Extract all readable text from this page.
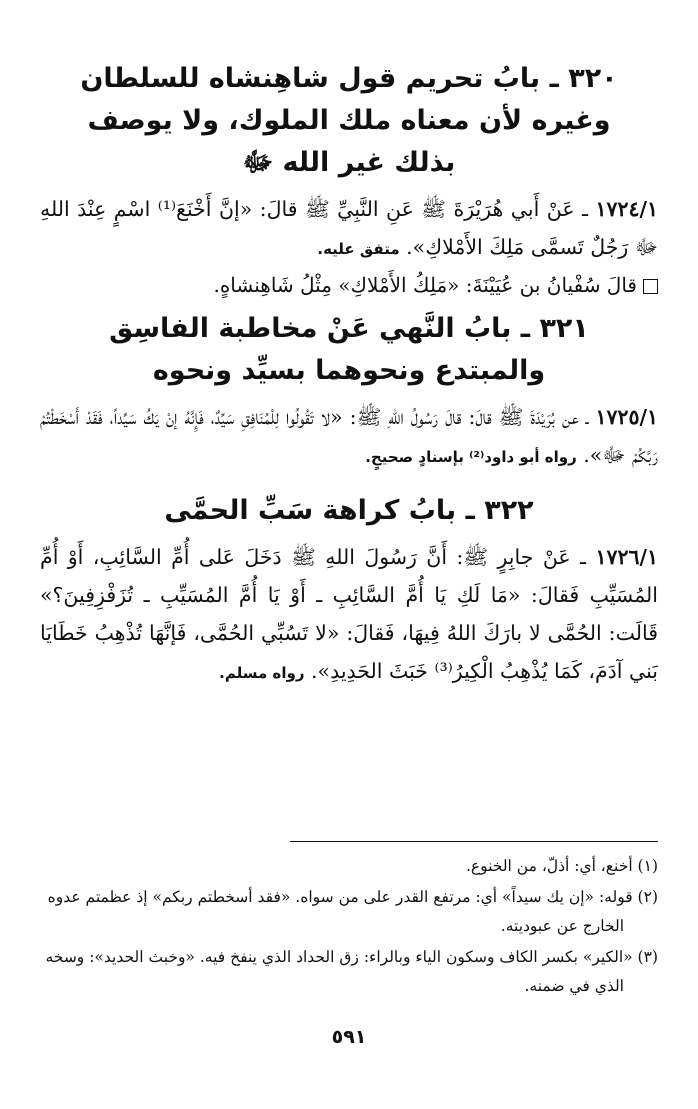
٣٢٠ ـ بابُ تحريم قول شاهِنشاه للسلطان
وغيره لأن معناه ملك الملوك، ولا يوصف
بذلك غير الله ﷻ

١٧٢٤/١ ـ عَنْ أَبي هُرَيْرَةَ ﷺ عَنِ النَّبِيِّ ﷺ قالَ: «إنَّ أَخْنَعَ⁽¹⁾ اسْمٍ عِنْدَ اللهِ ﷻ رَجُلٌ تَسمَّى مَلِكَ الأَمْلاكِ». متفق عليه.

قالَ سُفْيانُ بن عُيَيْنَةَ: «مَلِكُ الأَمْلاكِ» مِثْلُ شَاهِنشاهٍ.

٣٢١ ـ بابُ النَّهي عَنْ مخاطبة الفاسِق
والمبتدع ونحوهما بسيِّد ونحوه

١٧٢٥/١ ـ عن بُرَيْدَةَ ﷺ قالَ: قالَ رَسُولُ اللهِ ﷺ: «لا تَقُولُوا لِلْمُنَافِقِ سَيِّدٌ، فَإِنَّهُ إنْ يَكُ سَيِّداً، فَقَدْ أَسْخَطْتُمْ رَبَّكُمْ ﷻ». رواه أبو داود⁽²⁾ بإسنادٍ صحيحٍ.

٣٢٢ ـ بابُ كراهة سَبِّ الحمَّى

١٧٢٦/١ ـ عَنْ جابِرٍ ﷺ: أَنَّ رَسُولَ اللهِ ﷺ دَخَلَ عَلى أُمِّ السَّائِبِ، أَوْ أُمِّ المُسَيِّبِ فَقالَ: «مَا لَكِ يَا أُمَّ السَّائِبِ ـ أَوْ يَا أُمَّ المُسَيِّبِ ـ تُزَفْزِفِينَ؟» قَالَت: الحُمَّى لا بارَكَ اللهُ فِيهَا، فَقالَ: «لا تَسُبِّي الحُمَّى، فَإنَّهَا تُذْهِبُ خَطَايَا بَني آدَمَ، كَمَا يُذْهِبُ الْكِيرُ⁽³⁾ خَبَثَ الحَدِيدِ». رواه مسلم.

(١) أخنع، أي: أذلّ، من الخنوع.

(٢) قوله: «إن يك سيداً» أي: مرتفع القدر على من سواه. «فقد أسخطتم ربكم» إذ عظمتم عدوه الخارج عن عبوديته.

(٣) «الكير» بكسر الكاف وسكون الياء وبالراء: زق الحداد الذي ينفخ فيه. «وخبث الحديد»: وسخه الذي في ضمنه.

٥٩١
